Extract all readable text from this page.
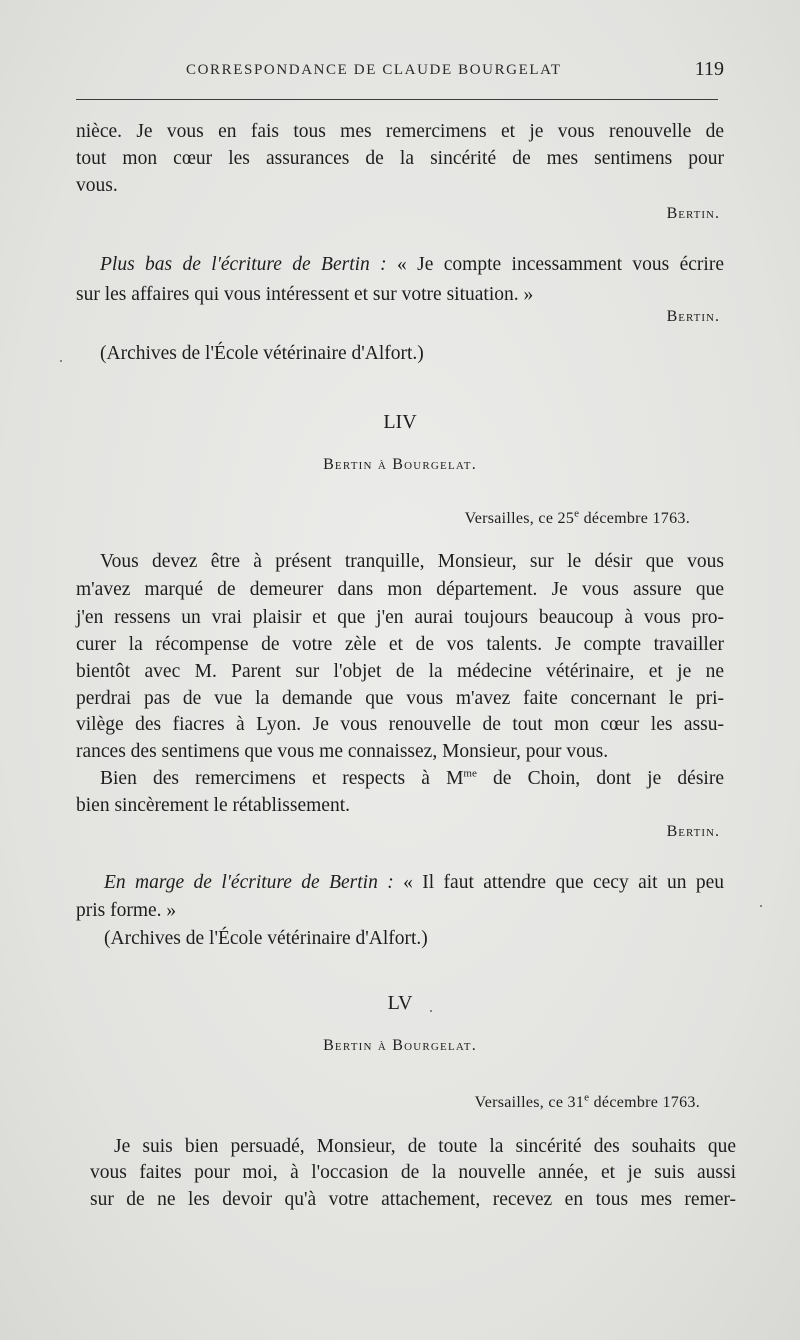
CORRESPONDANCE DE CLAUDE BOURGELAT	119

nièce. Je vous en fais tous mes remercimens et je vous renouvelle de

tout mon cœur les assurances de la sincérité de mes sentimens pour

vous.

Bertin.

Plus bas de l'écriture de Bertin : « Je compte incessamment vous écrire

sur les affaires qui vous intéressent et sur votre situation. »

Bertin.

(Archives de l'École vétérinaire d'Alfort.)

LIV
Bertin à Bourgelat.
Versailles, ce 25e décembre 1763.

Vous devez être à présent tranquille, Monsieur, sur le désir que vous

m'avez marqué de demeurer dans mon département. Je vous assure que

j'en ressens un vrai plaisir et que j'en aurai toujours beaucoup à vous pro-

curer la récompense de votre zèle et de vos talents. Je compte travailler

bientôt avec M. Parent sur l'objet de la médecine vétérinaire, et je ne

perdrai pas de vue la demande que vous m'avez faite concernant le pri-

vilège des fiacres à Lyon. Je vous renouvelle de tout mon cœur les assu-

rances des sentimens que vous me connaissez, Monsieur, pour vous.

Bien des remercimens et respects à $M^{me}$ de Choin, dont je désire

bien sincèrement le rétablissement.

Bertin.

En marge de l'écriture de Bertin : « Il faut attendre que cecy ait un peu

pris forme. »

(Archives de l'École vétérinaire d'Alfort.)

LV
Bertin à Bourgelat.
Versailles, ce 31e décembre 1763.

Je suis bien persuadé, Monsieur, de toute la sincérité des souhaits que

vous faites pour moi, à l'occasion de la nouvelle année, et je suis aussi

sur de ne les devoir qu'à votre attachement, recevez en tous mes remer-
